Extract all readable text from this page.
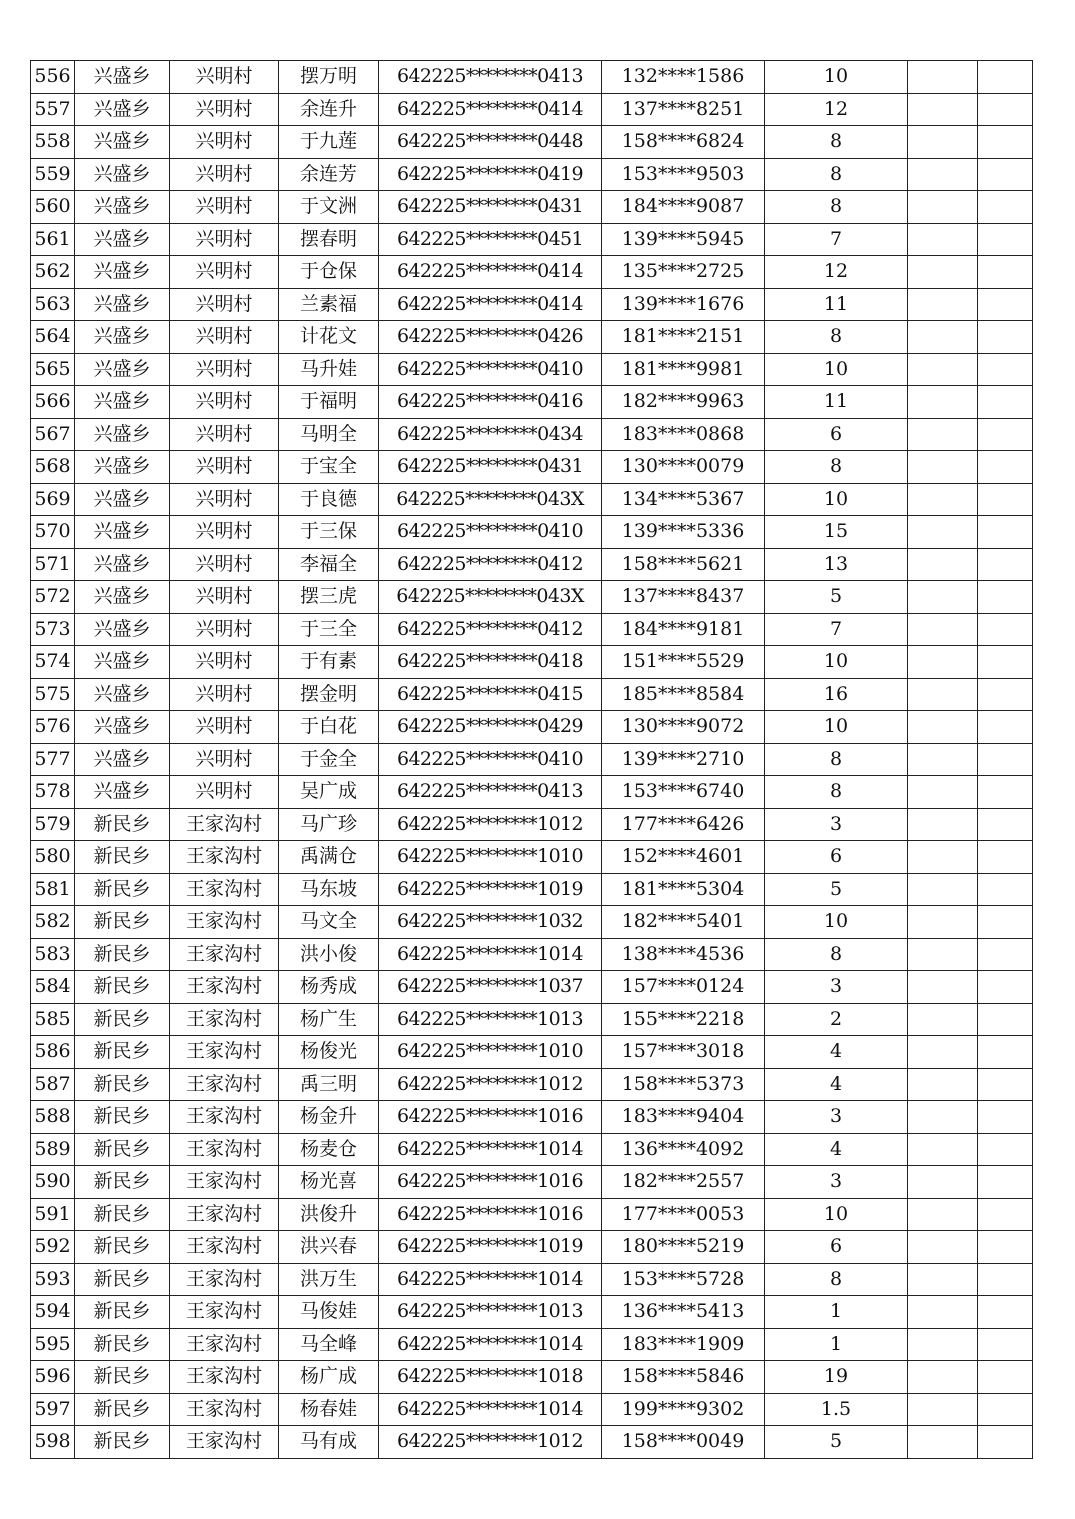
556	兴盛乡	兴明村	摆万明	642225********0413	132****1586	10		
557	兴盛乡	兴明村	余连升	642225********0414	137****8251	12		
558	兴盛乡	兴明村	于九莲	642225********0448	158****6824	8		
559	兴盛乡	兴明村	余连芳	642225********0419	153****9503	8		
560	兴盛乡	兴明村	于文洲	642225********0431	184****9087	8		
561	兴盛乡	兴明村	摆春明	642225********0451	139****5945	7		
562	兴盛乡	兴明村	于仓保	642225********0414	135****2725	12		
563	兴盛乡	兴明村	兰素福	642225********0414	139****1676	11		
564	兴盛乡	兴明村	计花文	642225********0426	181****2151	8		
565	兴盛乡	兴明村	马升娃	642225********0410	181****9981	10		
566	兴盛乡	兴明村	于福明	642225********0416	182****9963	11		
567	兴盛乡	兴明村	马明全	642225********0434	183****0868	6		
568	兴盛乡	兴明村	于宝全	642225********0431	130****0079	8		
569	兴盛乡	兴明村	于良德	642225********043X	134****5367	10		
570	兴盛乡	兴明村	于三保	642225********0410	139****5336	15		
571	兴盛乡	兴明村	李福全	642225********0412	158****5621	13		
572	兴盛乡	兴明村	摆三虎	642225********043X	137****8437	5		
573	兴盛乡	兴明村	于三全	642225********0412	184****9181	7		
574	兴盛乡	兴明村	于有素	642225********0418	151****5529	10		
575	兴盛乡	兴明村	摆金明	642225********0415	185****8584	16		
576	兴盛乡	兴明村	于白花	642225********0429	130****9072	10		
577	兴盛乡	兴明村	于金全	642225********0410	139****2710	8		
578	兴盛乡	兴明村	吴广成	642225********0413	153****6740	8		
579	新民乡	王家沟村	马广珍	642225********1012	177****6426	3		
580	新民乡	王家沟村	禹满仓	642225********1010	152****4601	6		
581	新民乡	王家沟村	马东坡	642225********1019	181****5304	5		
582	新民乡	王家沟村	马文全	642225********1032	182****5401	10		
583	新民乡	王家沟村	洪小俊	642225********1014	138****4536	8		
584	新民乡	王家沟村	杨秀成	642225********1037	157****0124	3		
585	新民乡	王家沟村	杨广生	642225********1013	155****2218	2		
586	新民乡	王家沟村	杨俊光	642225********1010	157****3018	4		
587	新民乡	王家沟村	禹三明	642225********1012	158****5373	4		
588	新民乡	王家沟村	杨金升	642225********1016	183****9404	3		
589	新民乡	王家沟村	杨麦仓	642225********1014	136****4092	4		
590	新民乡	王家沟村	杨光喜	642225********1016	182****2557	3		
591	新民乡	王家沟村	洪俊升	642225********1016	177****0053	10		
592	新民乡	王家沟村	洪兴春	642225********1019	180****5219	6		
593	新民乡	王家沟村	洪万生	642225********1014	153****5728	8		
594	新民乡	王家沟村	马俊娃	642225********1013	136****5413	1		
595	新民乡	王家沟村	马全峰	642225********1014	183****1909	1		
596	新民乡	王家沟村	杨广成	642225********1018	158****5846	19		
597	新民乡	王家沟村	杨春娃	642225********1014	199****9302	1.5		
598	新民乡	王家沟村	马有成	642225********1012	158****0049	5		
